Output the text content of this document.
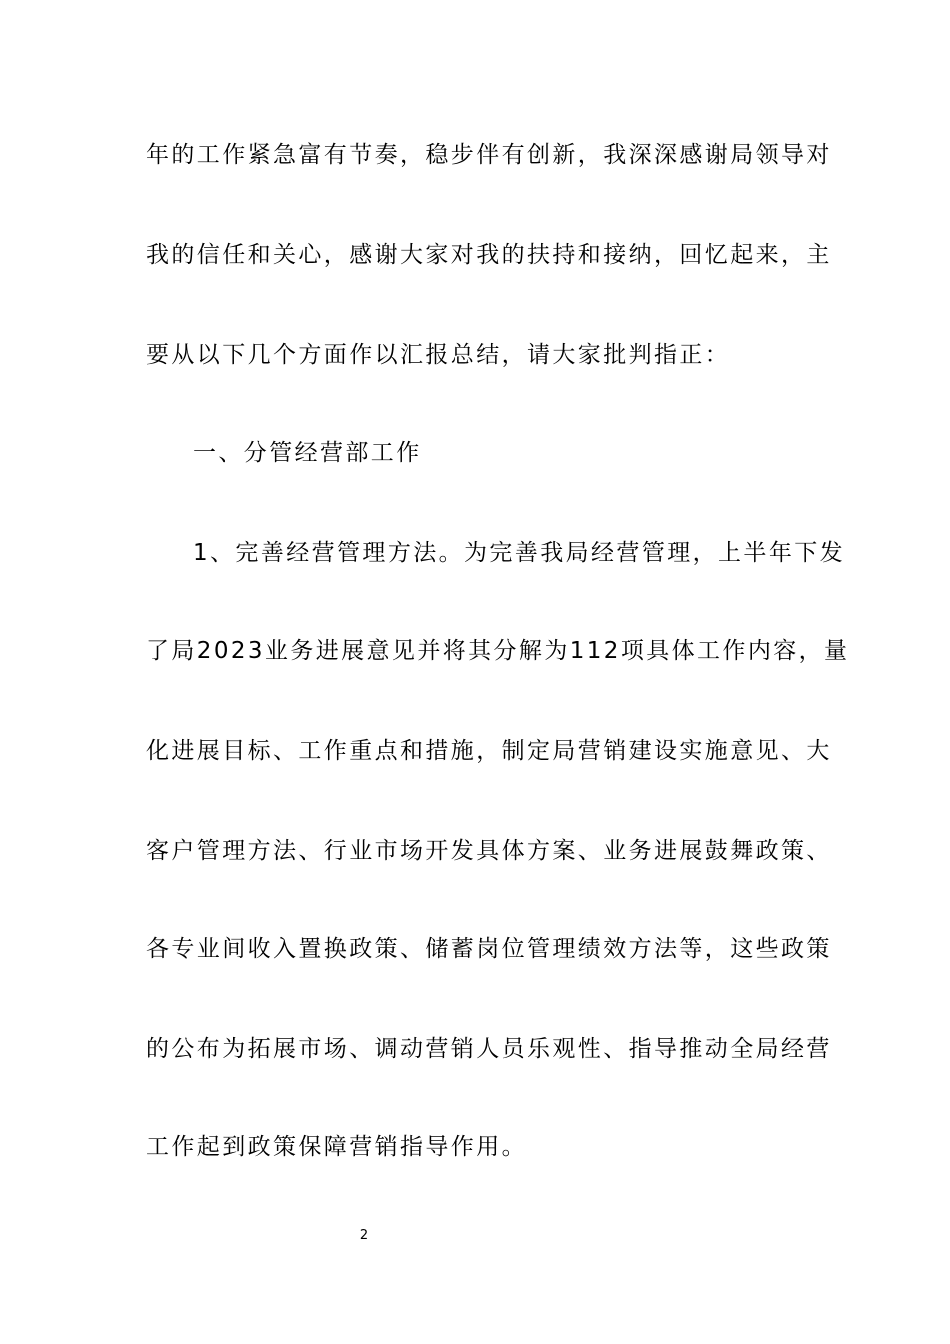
年的工作紧急富有节奏，稳步伴有创新，我深深感谢局领导对
我的信任和关心，感谢大家对我的扶持和接纳，回忆起来，主
要从以下几个方面作以汇报总结，请大家批判指正：
一、分管经营部工作
1、完善经营管理方法。为完善我局经营管理，上半年下发
了局2023业务进展意见并将其分解为112项具体工作内容，量
化进展目标、工作重点和措施，制定局营销建设实施意见、大
客户管理方法、行业市场开发具体方案、业务进展鼓舞政策、
各专业间收入置换政策、储蓄岗位管理绩效方法等，这些政策
的公布为拓展市场、调动营销人员乐观性、指导推动全局经营
工作起到政策保障营销指导作用。
2
